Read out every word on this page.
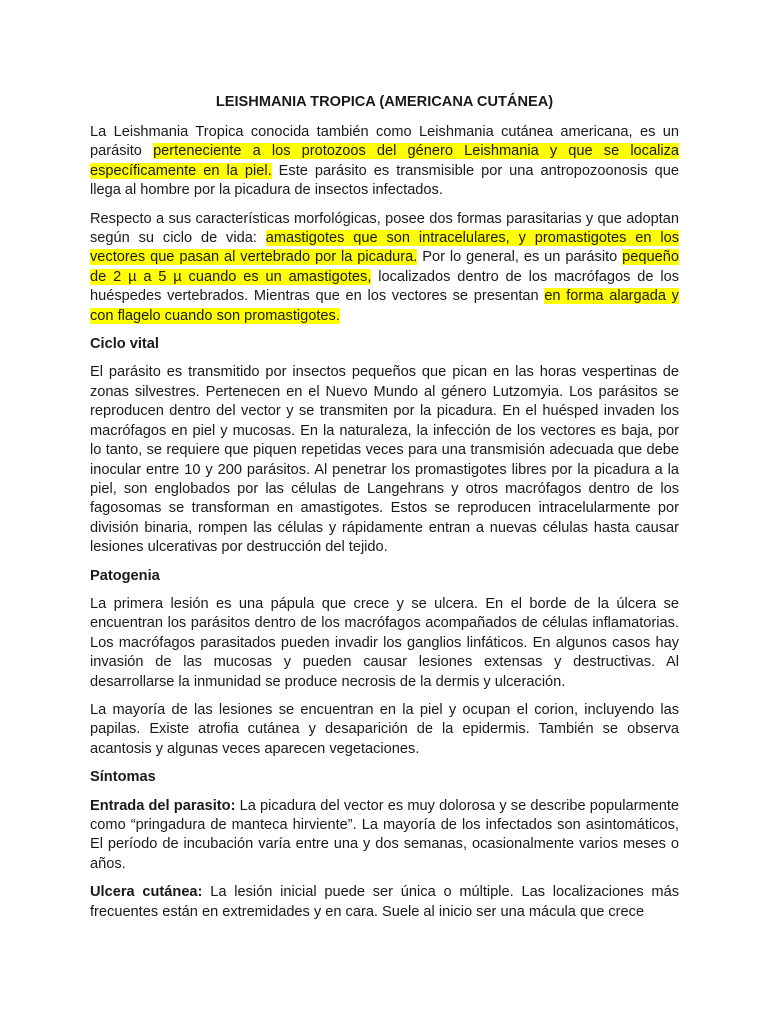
LEISHMANIA TROPICA (AMERICANA CUTÁNEA)

La Leishmania Tropica conocida también como Leishmania cutánea americana, es un parásito perteneciente a los protozoos del género Leishmania y que se localiza específicamente en la piel. Este parásito es transmisible por una antropozoonosis que llega al hombre por la picadura de insectos infectados.

Respecto a sus características morfológicas, posee dos formas parasitarias y que adoptan según su ciclo de vida: amastigotes que son intracelulares, y promastigotes en los vectores que pasan al vertebrado por la picadura. Por lo general, es un parásito pequeño de 2 µ a 5 µ cuando es un amastigotes, localizados dentro de los macrófagos de los huéspedes vertebrados. Mientras que en los vectores se presentan en forma alargada y con flagelo cuando son promastigotes.

Ciclo vital

El parásito es transmitido por insectos pequeños que pican en las horas vespertinas de zonas silvestres. Pertenecen en el Nuevo Mundo al género Lutzomyia. Los parásitos se reproducen dentro del vector y se transmiten por la picadura. En el huésped invaden los macrófagos en piel y mucosas. En la naturaleza, la infección de los vectores es baja, por lo tanto, se requiere que piquen repetidas veces para una transmisión adecuada que debe inocular entre 10 y 200 parásitos. Al penetrar los promastigotes libres por la picadura a la piel, son englobados por las células de Langehrans y otros macrófagos dentro de los fagosomas se transforman en amastigotes. Estos se reproducen intracelularmente por división binaria, rompen las células y rápidamente entran a nuevas células hasta causar lesiones ulcerativas por destrucción del tejido.

Patogenia

La primera lesión es una pápula que crece y se ulcera. En el borde de la úlcera se encuentran los parásitos dentro de los macrófagos acompañados de células inflamatorias. Los macrófagos parasitados pueden invadir los ganglios linfáticos. En algunos casos hay invasión de las mucosas y pueden causar lesiones extensas y destructivas. Al desarrollarse la inmunidad se produce necrosis de la dermis y ulceración.

La mayoría de las lesiones se encuentran en la piel y ocupan el corion, incluyendo las papilas. Existe atrofia cutánea y desaparición de la epidermis. También se observa acantosis y algunas veces aparecen vegetaciones.

Síntomas

Entrada del parasito: La picadura del vector es muy dolorosa y se describe popularmente como “pringadura de manteca hirviente”. La mayoría de los infectados son asintomáticos, El período de incubación varía entre una y dos semanas, ocasionalmente varios meses o años.

Ulcera cutánea: La lesión inicial puede ser única o múltiple. Las localizaciones más frecuentes están en extremidades y en cara. Suele al inicio ser una mácula que crece
